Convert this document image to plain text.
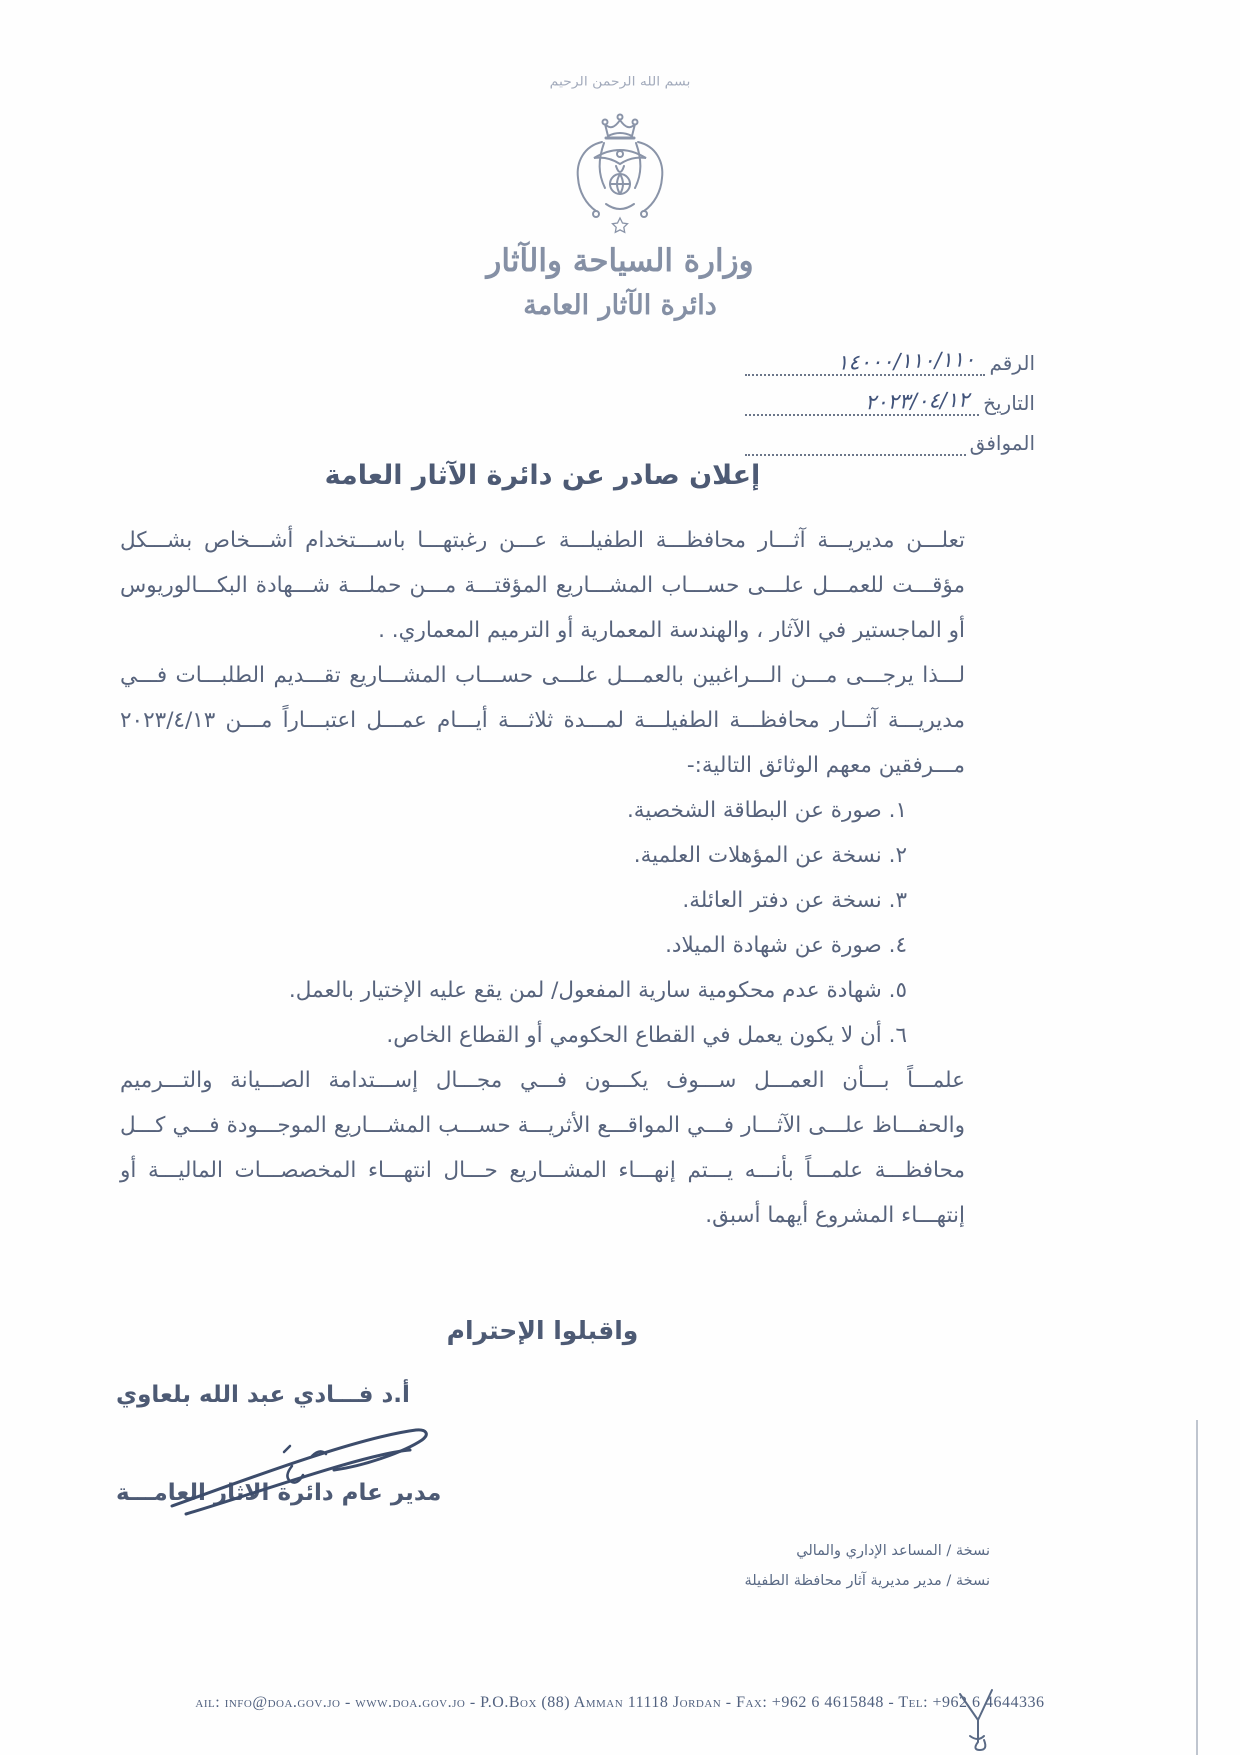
بسم الله الرحمن الرحيم
وزارة السياحة والآثار
دائرة الآثار العامة
الرقم
١٤٠٠٠/١١٠/١١٠
التاريخ
٢٠٢٣/٠٤/١٢
الموافق
إعلان صادر عن دائرة الآثار العامة

تعلـــن مديريـــة آثـــار محافظـــة الطفيلـــة عـــن رغبتهـــا باســـتخدام أشـــخاص بشـــكل مؤقـــت للعمـــل علـــى حســـاب المشـــاريع المؤقتـــة مـــن حملـــة شـــهادة البكـــالوريوس أو الماجستير في الآثار ، والهندسة المعمارية أو الترميم المعماري. .

لـــذا يرجـــى مـــن الـــراغبين بالعمـــل علـــى حســـاب المشـــاريع تقـــديم الطلبـــات فـــي مديريـــة آثـــار محافظـــة الطفيلـــة لمـــدة ثلاثـــة أيـــام عمـــل اعتبـــاراً مـــن ٢٠٢٣/٤/١٣ مـــرفقين معهم الوثائق التالية:-

١. صورة عن البطاقة الشخصية.
٢. نسخة عن المؤهلات العلمية.
٣. نسخة عن دفتر العائلة.
٤. صورة عن شهادة الميلاد.
٥. شهادة عدم محكومية سارية المفعول/ لمن يقع عليه الإختيار بالعمل.
٦. أن لا يكون يعمل في القطاع الحكومي أو القطاع الخاص.

علمـــاً بـــأن العمـــل ســـوف يكـــون فـــي مجـــال إســـتدامة الصـــيانة والتـــرميم والحفـــاظ علـــى الآثـــار فـــي المواقـــع الأثريـــة حســـب المشـــاريع الموجـــودة فـــي كـــل محافظـــة علمـــاً بأنـــه يـــتم إنهـــاء المشـــاريع حـــال انتهـــاء المخصصـــات الماليـــة أو إنتهـــاء المشروع أيهما أسبق.

واقبلوا الإحترام
أ.د فـــادي عبد الله بلعاوي
مدير عام دائرة الاثار العامـــة
نسخة / المساعد الإداري والمالي
نسخة / مدير مديرية آثار محافظة الطفيلة
ail: info@doa.gov.jo - www.doa.gov.jo - P.O.Box (88) Amman 11118 Jordan - Fax: +962 6 4615848 - Tel: +962 6 4644336
